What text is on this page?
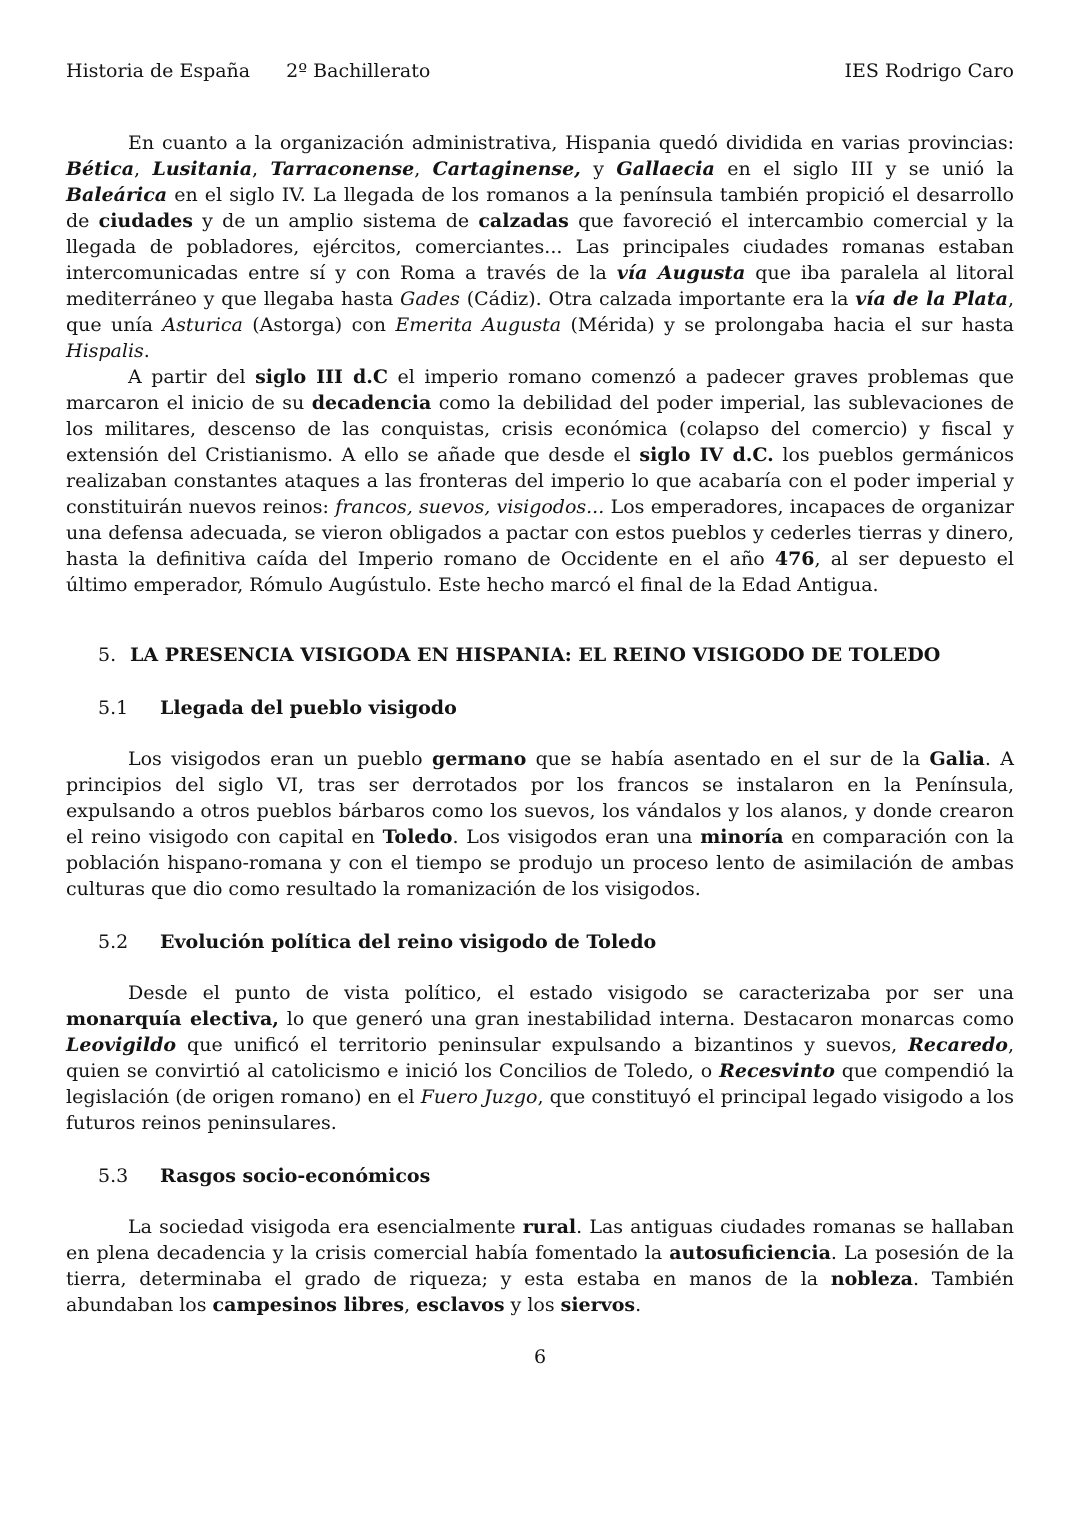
Historia de España 2º Bachillerato	IES Rodrigo Caro

En cuanto a la organización administrativa, Hispania quedó dividida en varias provincias: Bética, Lusitania, Tarraconense, Cartaginense, y Gallaecia en el siglo III y se unió la Baleárica en el siglo IV. La llegada de los romanos a la península también propició el desarrollo de ciudades y de un amplio sistema de calzadas que favoreció el intercambio comercial y la llegada de pobladores, ejércitos, comerciantes... Las principales ciudades romanas estaban intercomunicadas entre sí y con Roma a través de la vía Augusta que iba paralela al litoral mediterráneo y que llegaba hasta Gades (Cádiz). Otra calzada importante era la vía de la Plata, que unía Asturica (Astorga) con Emerita Augusta (Mérida) y se prolongaba hacia el sur hasta Hispalis.

A partir del siglo III d.C el imperio romano comenzó a padecer graves problemas que marcaron el inicio de su decadencia como la debilidad del poder imperial, las sublevaciones de los militares, descenso de las conquistas, crisis económica (colapso del comercio) y fiscal y extensión del Cristianismo. A ello se añade que desde el siglo IV d.C. los pueblos germánicos realizaban constantes ataques a las fronteras del imperio lo que acabaría con el poder imperial y constituirán nuevos reinos: francos, suevos, visigodos... Los emperadores, incapaces de organizar una defensa adecuada, se vieron obligados a pactar con estos pueblos y cederles tierras y dinero, hasta la definitiva caída del Imperio romano de Occidente en el año 476, al ser depuesto el último emperador, Rómulo Augústulo. Este hecho marcó el final de la Edad Antigua.

5. LA PRESENCIA VISIGODA EN HISPANIA: EL REINO VISIGODO DE TOLEDO
5.1 Llegada del pueblo visigodo

Los visigodos eran un pueblo germano que se había asentado en el sur de la Galia. A principios del siglo VI, tras ser derrotados por los francos se instalaron en la Península, expulsando a otros pueblos bárbaros como los suevos, los vándalos y los alanos, y donde crearon el reino visigodo con capital en Toledo. Los visigodos eran una minoría en comparación con la población hispano-romana y con el tiempo se produjo un proceso lento de asimilación de ambas culturas que dio como resultado la romanización de los visigodos.

5.2 Evolución política del reino visigodo de Toledo

Desde el punto de vista político, el estado visigodo se caracterizaba por ser una monarquía electiva, lo que generó una gran inestabilidad interna. Destacaron monarcas como Leovigildo que unificó el territorio peninsular expulsando a bizantinos y suevos, Recaredo, quien se convirtió al catolicismo e inició los Concilios de Toledo, o Recesvinto que compendió la legislación (de origen romano) en el Fuero Juzgo, que constituyó el principal legado visigodo a los futuros reinos peninsulares.

5.3 Rasgos socio-económicos

La sociedad visigoda era esencialmente rural. Las antiguas ciudades romanas se hallaban en plena decadencia y la crisis comercial había fomentado la autosuficiencia. La posesión de la tierra, determinaba el grado de riqueza; y esta estaba en manos de la nobleza. También abundaban los campesinos libres, esclavos y los siervos.

6
